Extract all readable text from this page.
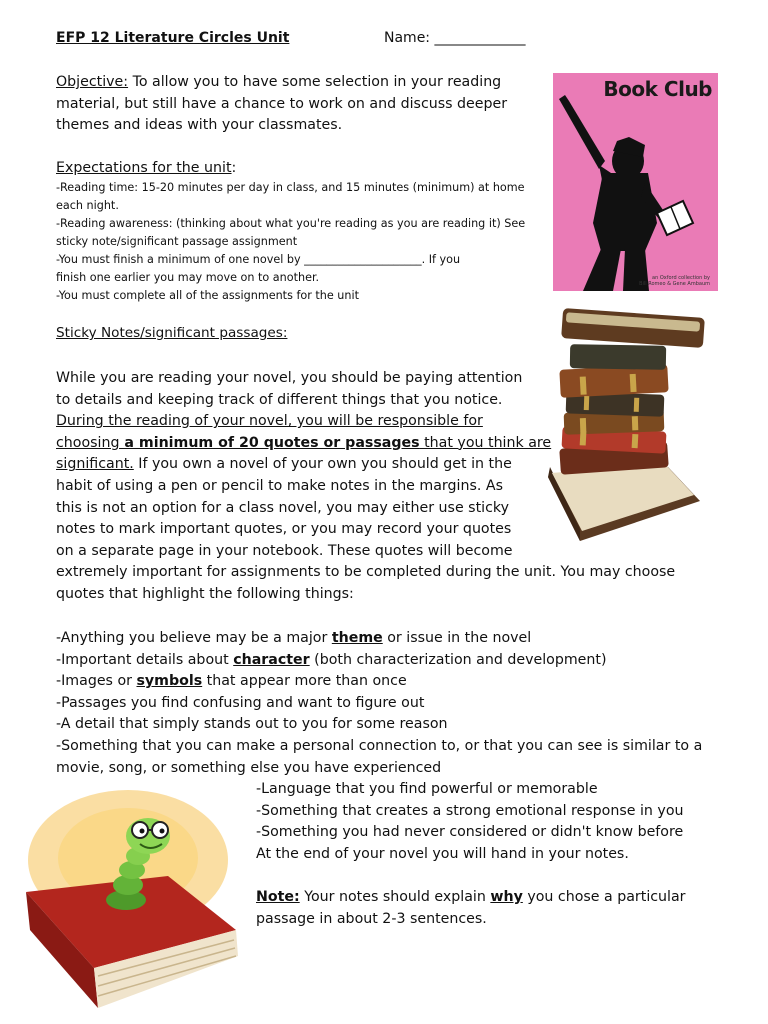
EFP 12 Literature Circles Unit	Name: _____________
Objective: To allow you to have some selection in your reading
material, but still have a chance to work on and discuss deeper
themes and ideas with your classmates.
Expectations for the unit:
-Reading time: 15-20 minutes per day in class, and 15 minutes (minimum) at home
each night.
-Reading awareness: (thinking about what you're reading as you are reading it) See
sticky note/significant passage assignment
-You must finish a minimum of one novel by _____________________. If you
finish one earlier you may move on to another.
-You must complete all of the assignments for the unit
Sticky Notes/significant passages:
While you are reading your novel, you should be paying attention
to details and keeping track of different things that you notice.
During the reading of your novel, you will be responsible for
choosing a minimum of 20 quotes or passages that you think are
significant. If you own a novel of your own you should get in the
habit of using a pen or pencil to make notes in the margins. As
this is not an option for a class novel, you may either use sticky
notes to mark important quotes, or you may record your quotes
on a separate page in your notebook. These quotes will become
extremely important for assignments to be completed during the unit. You may choose
quotes that highlight the following things:
-Anything you believe may be a major theme or issue in the novel
-Important details about character (both characterization and development)
-Images or symbols that appear more than once
-Passages you find confusing and want to figure out
-A detail that simply stands out to you for some reason
-Something that you can make a personal connection to, or that you can see is similar to a
movie, song, or something else you have experienced
-Language that you find powerful or memorable
-Something that creates a strong emotional response in you
-Something you had never considered or didn't know before
At the end of your novel you will hand in your notes.
Note: Your notes should explain why you chose a particular
passage in about 2-3 sentences.
Book Club
an Oxford collection by
Bill Romeo & Gene Ambaum
